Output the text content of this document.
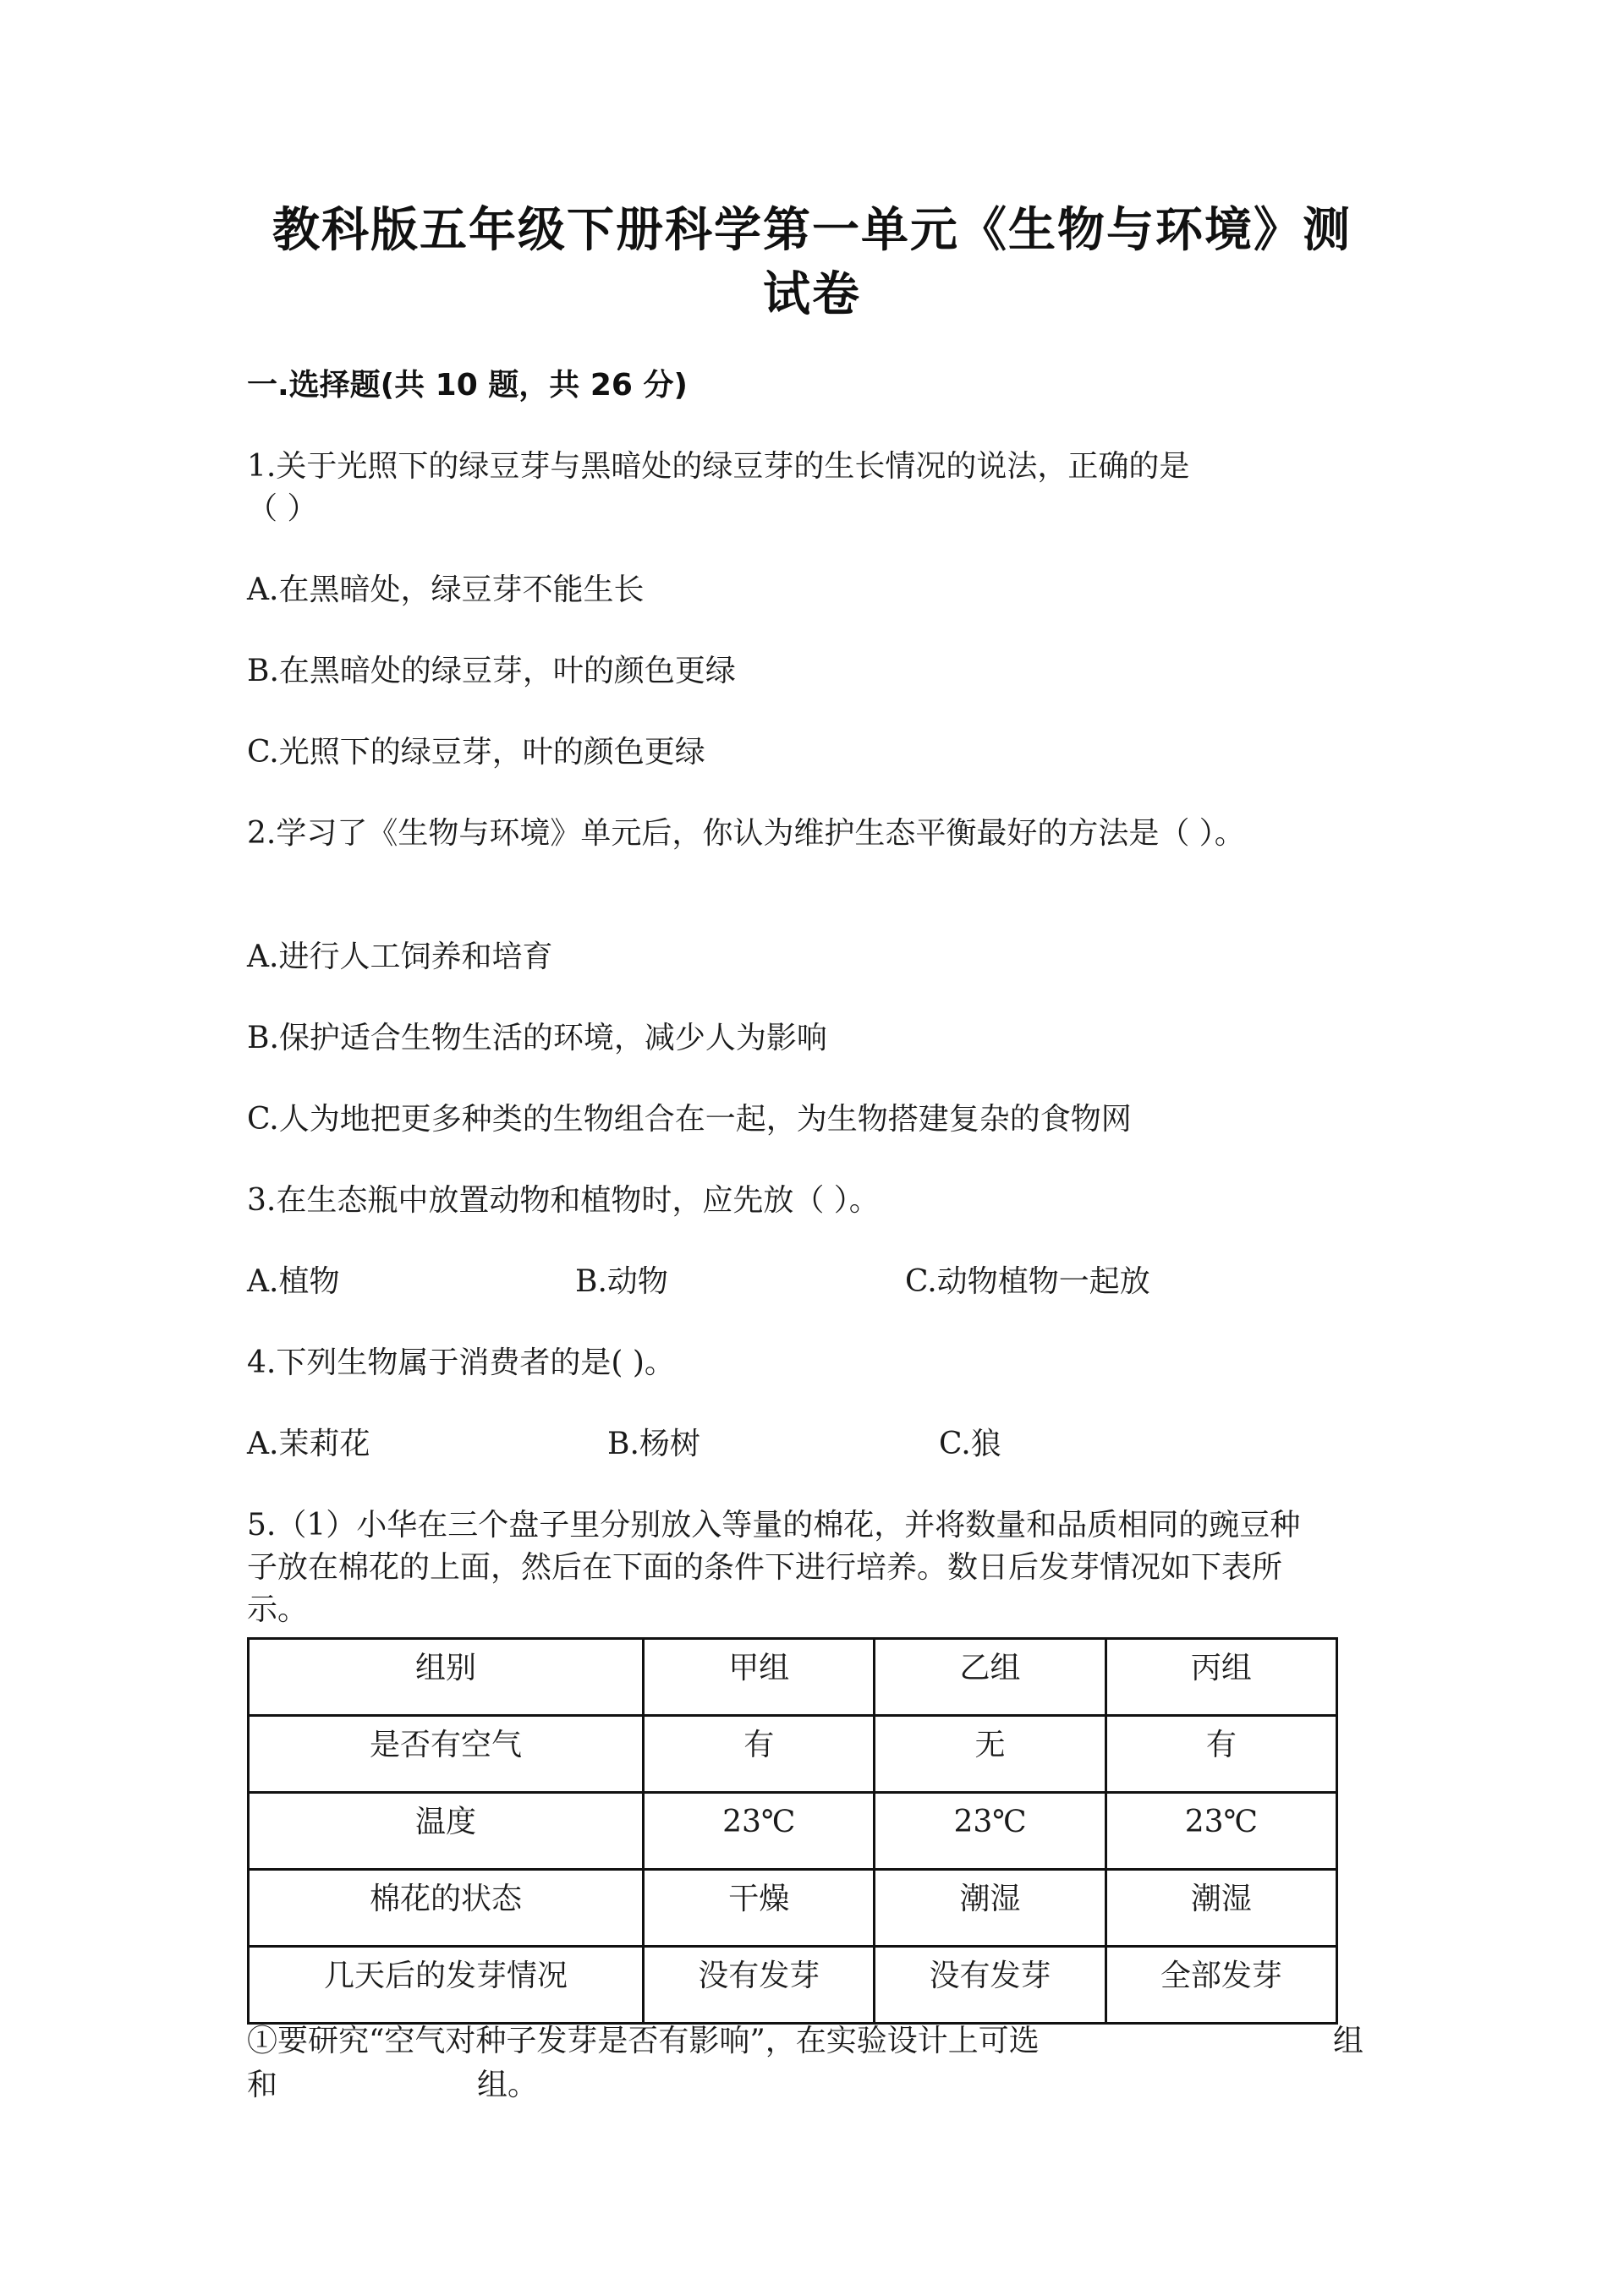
教科版五年级下册科学第一单元《生物与环境》测
试卷
一.选择题(共 10 题，共 26 分)
1.关于光照下的绿豆芽与黑暗处的绿豆芽的生长情况的说法，正确的是
（ ）
A.在黑暗处，绿豆芽不能生长
B.在黑暗处的绿豆芽，叶的颜色更绿
C.光照下的绿豆芽，叶的颜色更绿
2.学习了《生物与环境》单元后，你认为维护生态平衡最好的方法是（ ）。
A.进行人工饲养和培育
B.保护适合生物生活的环境，减少人为影响
C.人为地把更多种类的生物组合在一起，为生物搭建复杂的食物网
3.在生态瓶中放置动物和植物时，应先放（ ）。
A.植物	B.动物	C.动物植物一起放
4.下列生物属于消费者的是( )。
A.茉莉花	B.杨树	C.狼
5.（1）小华在三个盘子里分别放入等量的棉花，并将数量和品质相同的豌豆种
子放在棉花的上面，然后在下面的条件下进行培养。数日后发芽情况如下表所
示。
组别	甲组	乙组	丙组
是否有空气	有	无	有
温度	23℃	23℃	23℃
棉花的状态	干燥	潮湿	潮湿
几天后的发芽情况	没有发芽	没有发芽	全部发芽
①要研究“空气对种子发芽是否有影响”，在实验设计上可选	组
和	组。
